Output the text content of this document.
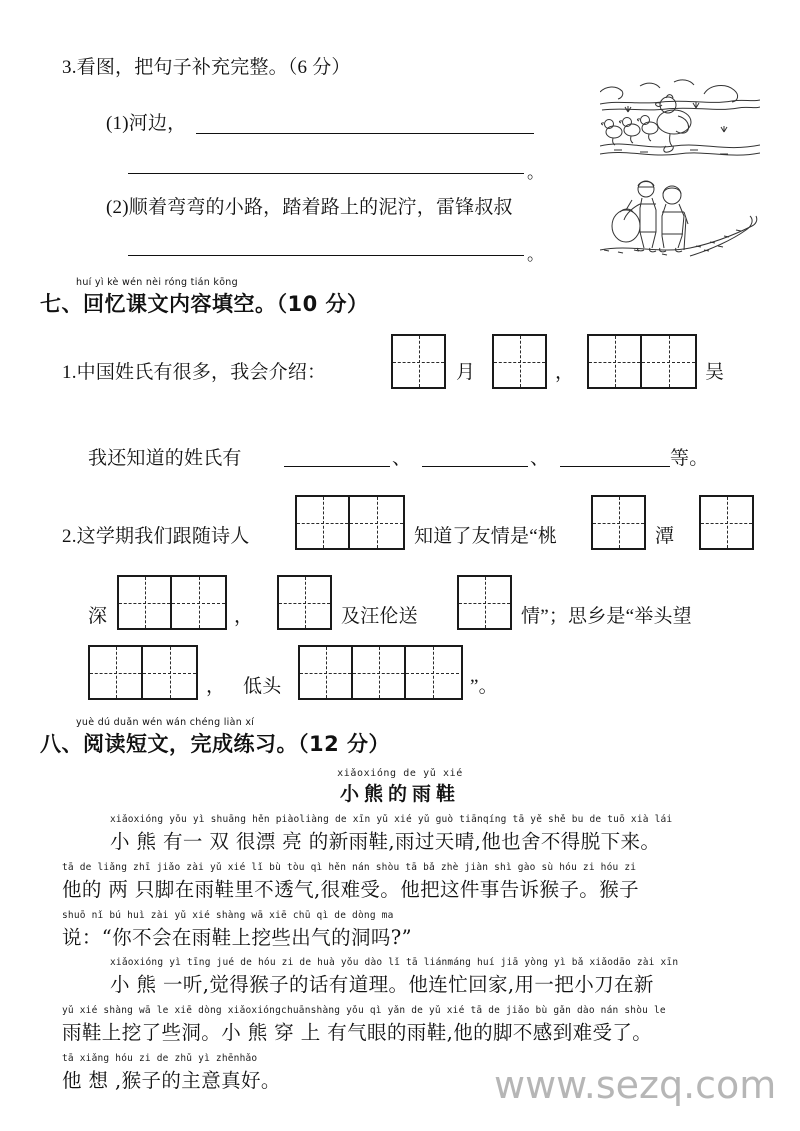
3.看图，把句子补充完整。（6 分）
(1)河边，
。
(2)顺着弯弯的小路，踏着路上的泥泞，雷锋叔叔
。
huí yì kè wén nèi róng tián kōng
七、回忆课文内容填空。（10 分）
1.中国姓氏有很多，我会介绍：	月	，	吴
我还知道的姓氏有	、	、	等。
2.这学期我们跟随诗人	知道了友情是“桃	潭
深	，	及汪伦送	情”；思乡是“举头望
， 低头	”。
yuè dú duǎn wén wán chéng liàn xí
八、阅读短文，完成练习。（12 分）
xiǎoxióng de yǔ xié
小熊的雨鞋
xiǎoxióng yǒu yì shuāng hěn piàoliàng de xīn yǔ xié yǔ guò tiānqíng tā yě shě bu de tuō xià lái
小 熊 有一 双 很漂 亮 的新雨鞋,雨过天晴,他也舍不得脱下来。
tā de liǎng zhī jiǎo zài yǔ xié lǐ bù tòu qì hěn nán shòu tā bǎ zhè jiàn shì gào sù hóu zi hóu zi
他的 两 只脚在雨鞋里不透气,很难受。他把这件事告诉猴子。猴子
shuō nǐ bú huì zài yǔ xié shàng wā xiē chū qì de dòng ma
说：“你不会在雨鞋上挖些出气的洞吗?”
xiǎoxióng yì tīng jué de hóu zi de huà yǒu dào lǐ tā liánmáng huí jiā yòng yì bǎ xiǎodāo zài xīn
小 熊 一听,觉得猴子的话有道理。他连忙回家,用一把小刀在新
yǔ xié shàng wā le xiē dòng xiǎoxióngchuānshàng yǒu qì yǎn de yǔ xié tā de jiǎo bù gǎn dào nán shòu le
雨鞋上挖了些洞。小 熊 穿 上 有气眼的雨鞋,他的脚不感到难受了。
tā xiǎng hóu zi de zhǔ yì zhēnhǎo
他 想 ,猴子的主意真好。	www.sezq.com
